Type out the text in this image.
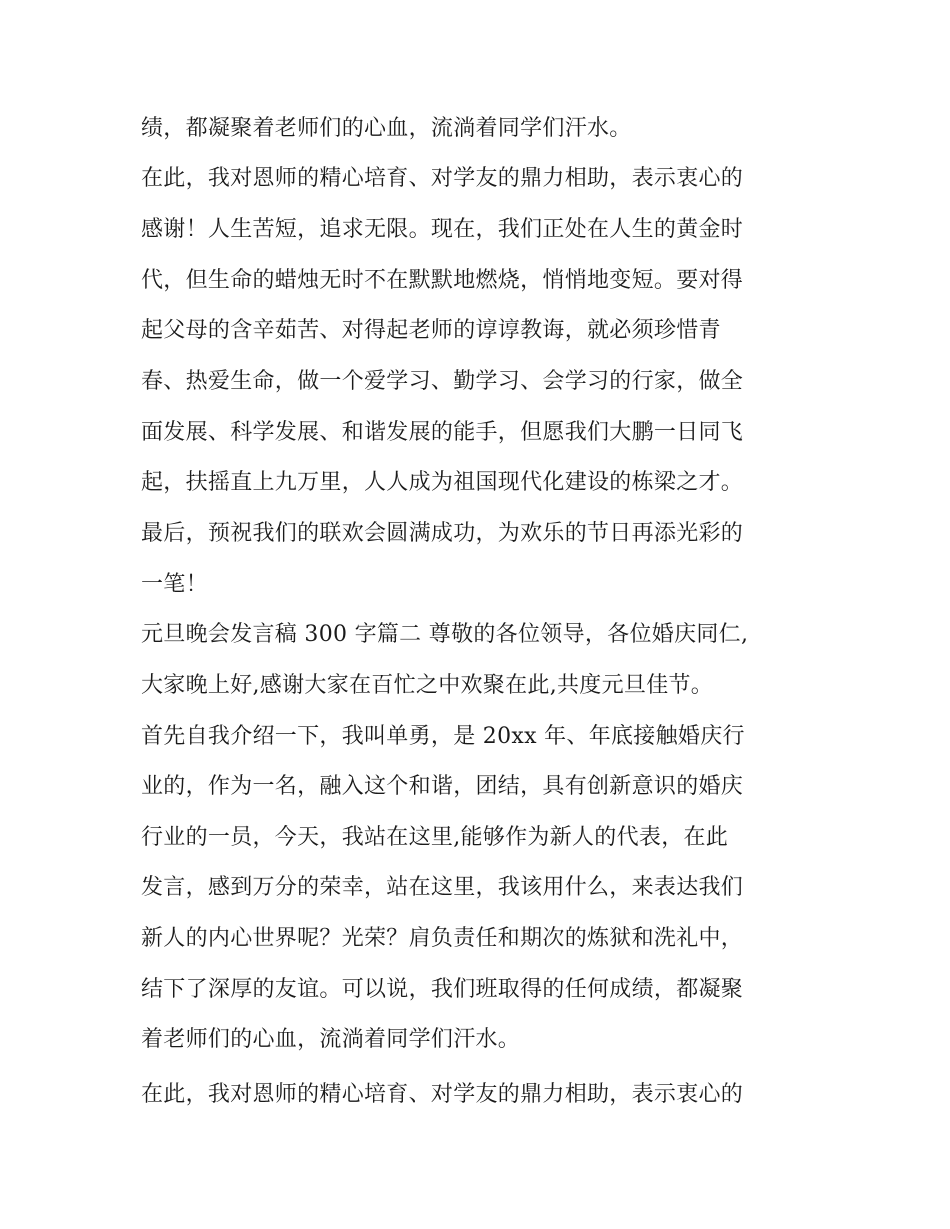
绩，都凝聚着老师们的心血，流淌着同学们汗水。
在此，我对恩师的精心培育、对学友的鼎力相助，表示衷心的
感谢！人生苦短，追求无限。现在，我们正处在人生的黄金时
代，但生命的蜡烛无时不在默默地燃烧，悄悄地变短。要对得
起父母的含辛茹苦、对得起老师的谆谆教诲，就必须珍惜青
春、热爱生命，做一个爱学习、勤学习、会学习的行家，做全
面发展、科学发展、和谐发展的能手，但愿我们大鹏一日同飞
起，扶摇直上九万里，人人成为祖国现代化建设的栋梁之才。
最后，预祝我们的联欢会圆满成功，为欢乐的节日再添光彩的
一笔！
元旦晚会发言稿 300 字篇二 尊敬的各位领导，各位婚庆同仁,
大家晚上好,感谢大家在百忙之中欢聚在此,共度元旦佳节。
首先自我介绍一下，我叫单勇，是 20xx 年、年底接触婚庆行
业的，作为一名，融入这个和谐，团结，具有创新意识的婚庆
行业的一员，今天，我站在这里,能够作为新人的代表，在此
发言，感到万分的荣幸，站在这里，我该用什么，来表达我们
新人的内心世界呢？光荣？肩负责任和期次的炼狱和洗礼中，
结下了深厚的友谊。可以说，我们班取得的任何成绩，都凝聚
着老师们的心血，流淌着同学们汗水。
在此，我对恩师的精心培育、对学友的鼎力相助，表示衷心的
